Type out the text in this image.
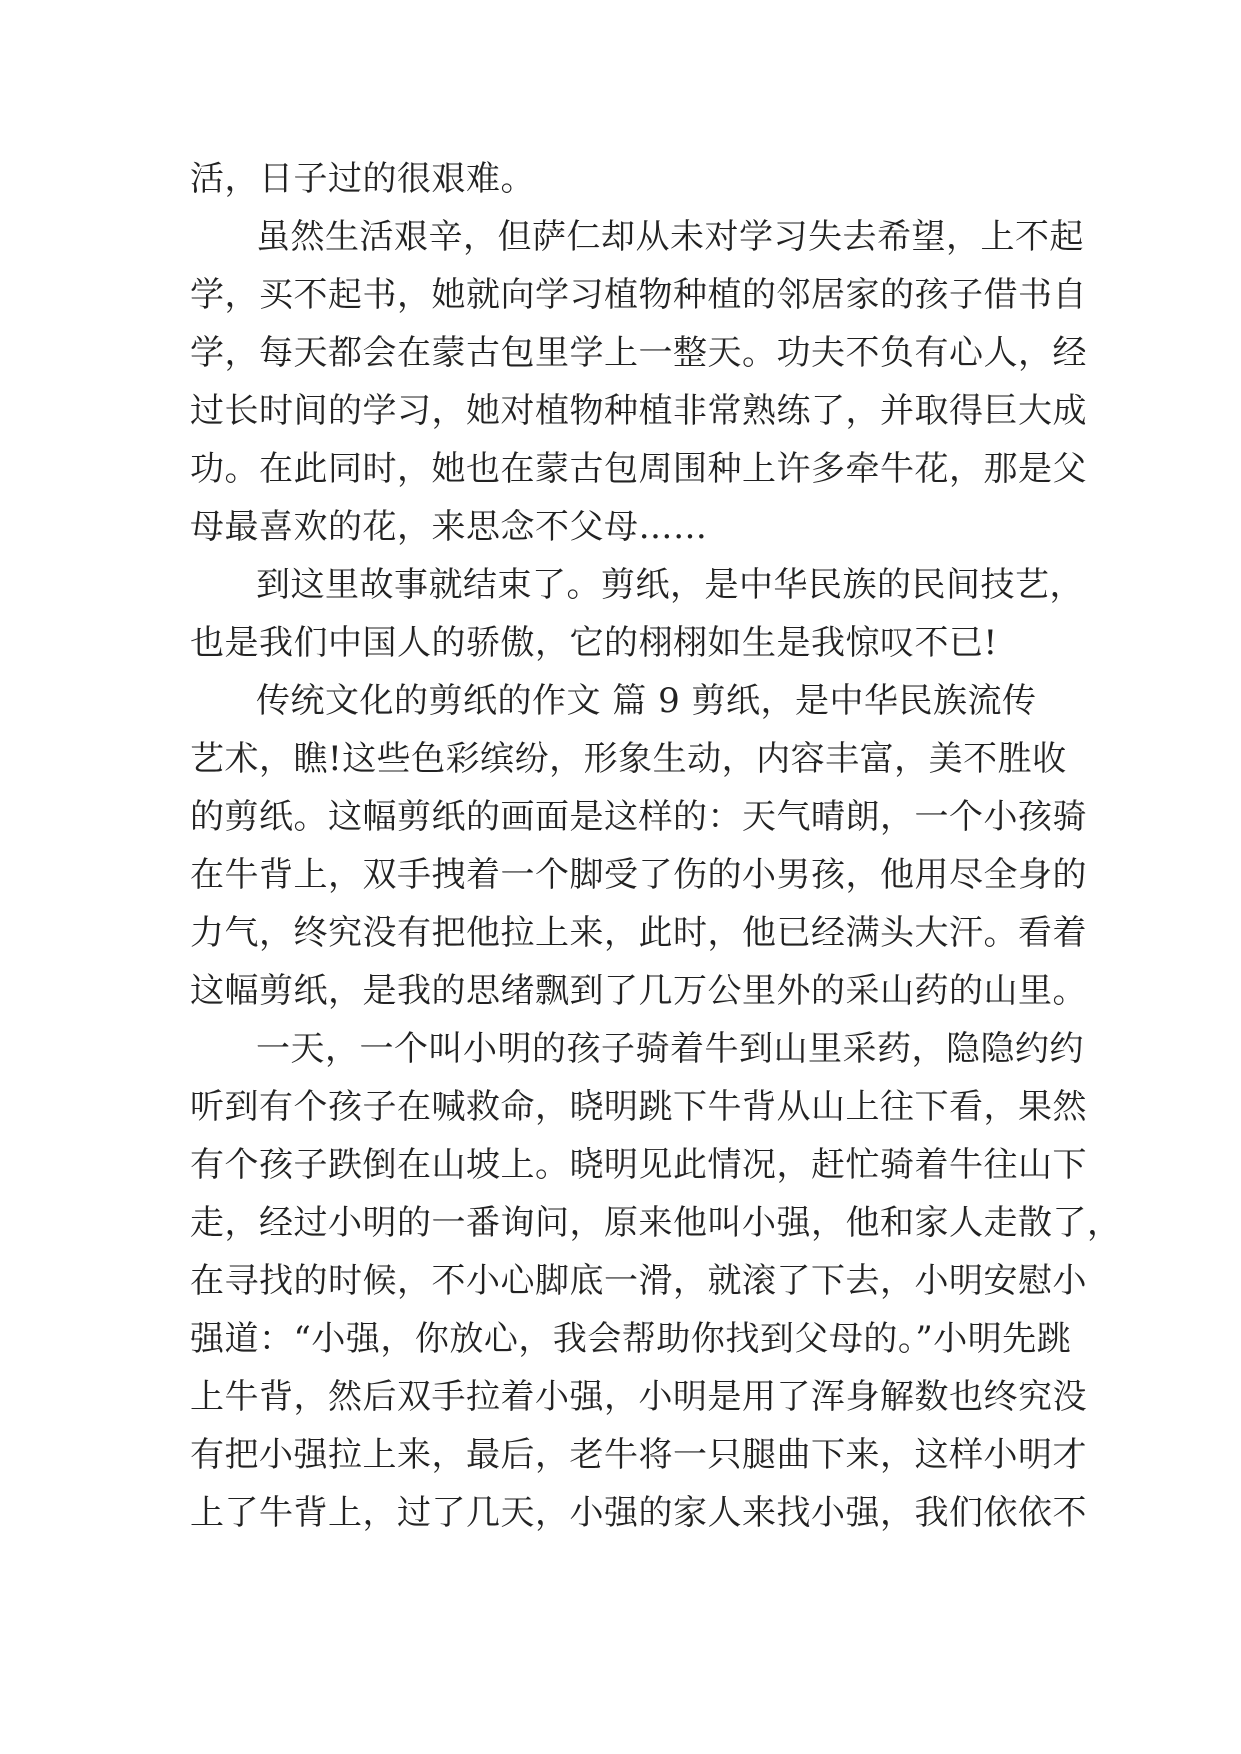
活，日子过的很艰难。
虽然生活艰辛，但萨仁却从未对学习失去希望，上不起
学，买不起书，她就向学习植物种植的邻居家的孩子借书自
学，每天都会在蒙古包里学上一整天。功夫不负有心人，经
过长时间的学习，她对植物种植非常熟练了，并取得巨大成
功。在此同时，她也在蒙古包周围种上许多牵牛花，那是父
母最喜欢的花，来思念不父母……
到这里故事就结束了。剪纸，是中华民族的民间技艺，
也是我们中国人的骄傲，它的栩栩如生是我惊叹不已!
传统文化的剪纸的作文 篇 9 剪纸，是中华民族流传
艺术，瞧!这些色彩缤纷，形象生动，内容丰富，美不胜收
的剪纸。这幅剪纸的画面是这样的：天气晴朗，一个小孩骑
在牛背上，双手拽着一个脚受了伤的小男孩，他用尽全身的
力气，终究没有把他拉上来，此时，他已经满头大汗。看着
这幅剪纸，是我的思绪飘到了几万公里外的采山药的山里。
一天，一个叫小明的孩子骑着牛到山里采药，隐隐约约
听到有个孩子在喊救命，晓明跳下牛背从山上往下看，果然
有个孩子跌倒在山坡上。晓明见此情况，赶忙骑着牛往山下
走，经过小明的一番询问，原来他叫小强，他和家人走散了，
在寻找的时候，不小心脚底一滑，就滚了下去，小明安慰小
强道：“小强，你放心，我会帮助你找到父母的。”小明先跳
上牛背，然后双手拉着小强，小明是用了浑身解数也终究没
有把小强拉上来，最后，老牛将一只腿曲下来，这样小明才
上了牛背上，过了几天，小强的家人来找小强，我们依依不
